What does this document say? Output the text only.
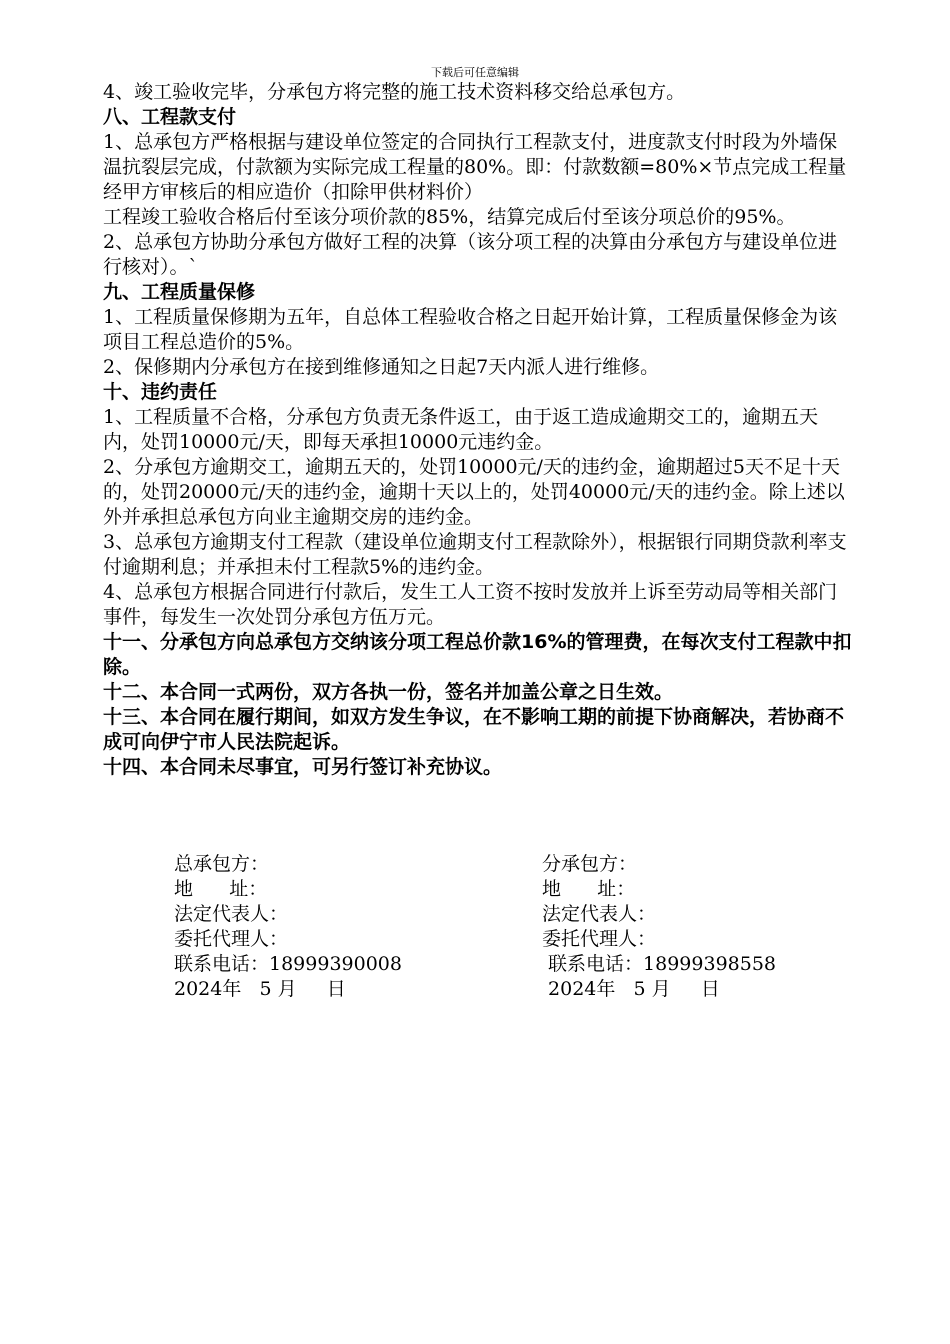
下载后可任意编辑

4、竣工验收完毕，分承包方将完整的施工技术资料移交给总承包方。

八、工程款支付

1、总承包方严格根据与建设单位签定的合同执行工程款支付，进度款支付时段为外墙保温抗裂层完成，付款额为实际完成工程量的80%。即：付款数额=80%×节点完成工程量经甲方审核后的相应造价（扣除甲供材料价）

工程竣工验收合格后付至该分项价款的85%，结算完成后付至该分项总价的95%。

2、总承包方协助分承包方做好工程的决算（该分项工程的决算由分承包方与建设单位进行核对）。`

九、工程质量保修

1、工程质量保修期为五年，自总体工程验收合格之日起开始计算，工程质量保修金为该项目工程总造价的5%。

2、保修期内分承包方在接到维修通知之日起7天内派人进行维修。

十、违约责任

1、工程质量不合格，分承包方负责无条件返工，由于返工造成逾期交工的，逾期五天内，处罚10000元/天，即每天承担10000元违约金。

2、分承包方逾期交工，逾期五天的，处罚10000元/天的违约金，逾期超过5天不足十天的，处罚20000元/天的违约金，逾期十天以上的，处罚40000元/天的违约金。除上述以外并承担总承包方向业主逾期交房的违约金。

3、总承包方逾期支付工程款（建设单位逾期支付工程款除外），根据银行同期贷款利率支付逾期利息；并承担未付工程款5%的违约金。

4、总承包方根据合同进行付款后，发生工人工资不按时发放并上诉至劳动局等相关部门事件，每发生一次处罚分承包方伍万元。

十一、分承包方向总承包方交纳该分项工程总价款16%的管理费，在每次支付工程款中扣除。

十二、本合同一式两份，双方各执一份，签名并加盖公章之日生效。

十三、本合同在履行期间，如双方发生争议，在不影响工期的前提下协商解决，若协商不成可向伊宁市人民法院起诉。

十四、本合同未尽事宜，可另行签订补充协议。

总承包方：

地      址：

法定代表人：

委托代理人：

联系电话：18999390008

2024年   5 月     日

分承包方：

地      址：

法定代表人：

委托代理人：

联系电话：18999398558

2024年   5 月     日
